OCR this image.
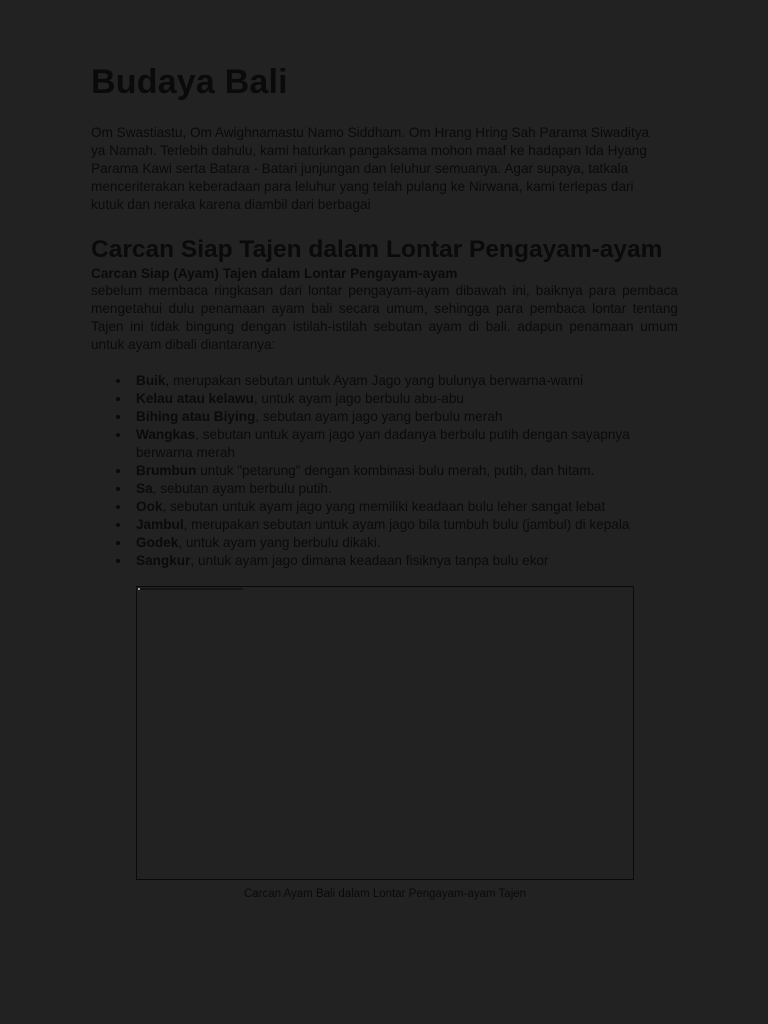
Budaya Bali

Om Swastiastu, Om Awighnamastu Namo Siddham. Om Hrang Hring Sah Parama Siwaditya ya Namah. Terlebih dahulu, kami haturkan pangaksama mohon maaf ke hadapan Ida Hyang Parama Kawi serta Batara - Batari junjungan dan leluhur semuanya. Agar supaya, tatkala menceriterakan keberadaan para leluhur yang telah pulang ke Nirwana, kami terlepas dari kutuk dan neraka karena diambil dari berbagai

Carcan Siap Tajen dalam Lontar Pengayam-ayam
Carcan Siap (Ayam) Tajen dalam Lontar Pengayam-ayam

sebelum membaca ringkasan dari lontar pengayam-ayam dibawah ini, baiknya para pembaca mengetahui dulu penamaan ayam bali secara umum, sehingga para pembaca lontar tentang Tajen ini tidak bingung dengan istilah-istilah sebutan ayam di bali. adapun penamaan umum untuk ayam dibali diantaranya:

Buik, merupakan sebutan untuk Ayam Jago yang bulunya berwarna-warni
Kelau atau kelawu, untuk ayam jago berbulu abu-abu
Bihing atau Biying, sebutan ayam jago yang berbulu merah
Wangkas, sebutan untuk ayam jago yan dadanya berbulu putih dengan sayapnya berwarna merah
Brumbun untuk "petarung" dengan kombinasi bulu merah, putih, dan hitam.
Sa, sebutan ayam berbulu putih.
Ook, sebutan untuk ayam jago yang memiliki keadaan bulu leher sangat lebat
Jambul, merupakan sebutan untuk ayam jago bila tumbuh bulu (jambul) di kepala
Godek, untuk ayam yang berbulu dikaki.
Sangkur, untuk ayam jago dimana keadaan fisiknya tanpa bulu ekor
Carcan Ayam Bali dalam Lontar Pengayam-ayam Tajen
